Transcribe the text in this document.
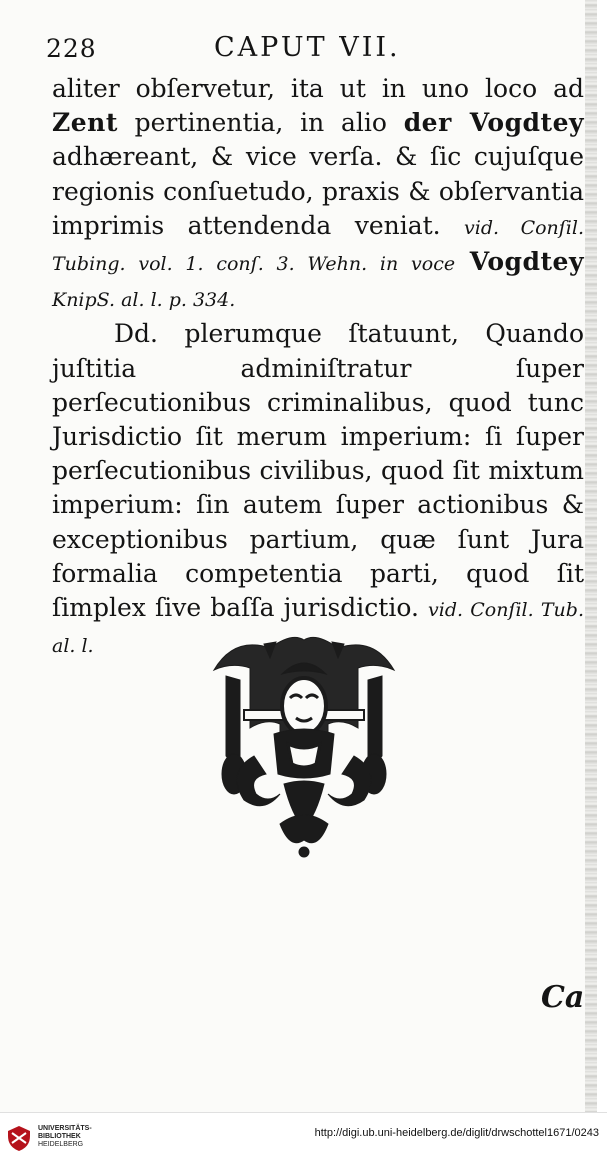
228	CAPUT VII.

aliter obſervetur, ita ut in uno loco ad Zent pertinentia, in alio der Vogdtey adhæreant, & vice verſa. & ſic cujuſque regionis conſuetudo, praxis & obſervantia imprimis attendenda veniat. vid. Conſil. Tubing. vol. 1. conſ. 3. Wehn. in voce Vogdtey KnipS. al. l. p. 334.

Dd. plerumque ſtatuunt, Quando juſtitia adminiſtratur ſuper perſecutionibus criminalibus, quod tunc Jurisdictio ſit merum imperium: ſi ſuper perſecutionibus civilibus, quod ſit mixtum imperium: ſin autem ſuper actionibus & exceptionibus partium, quæ ſunt Jura formalia competentia parti, quod ſit ſimplex ſive baſſa jurisdictio. vid. Conſil. Tub. al. l.

Ca
UNIVERSITÄTS-
BIBLIOTHEK
HEIDELBERG
http://digi.ub.uni-heidelberg.de/diglit/drwschottel1671/0243
